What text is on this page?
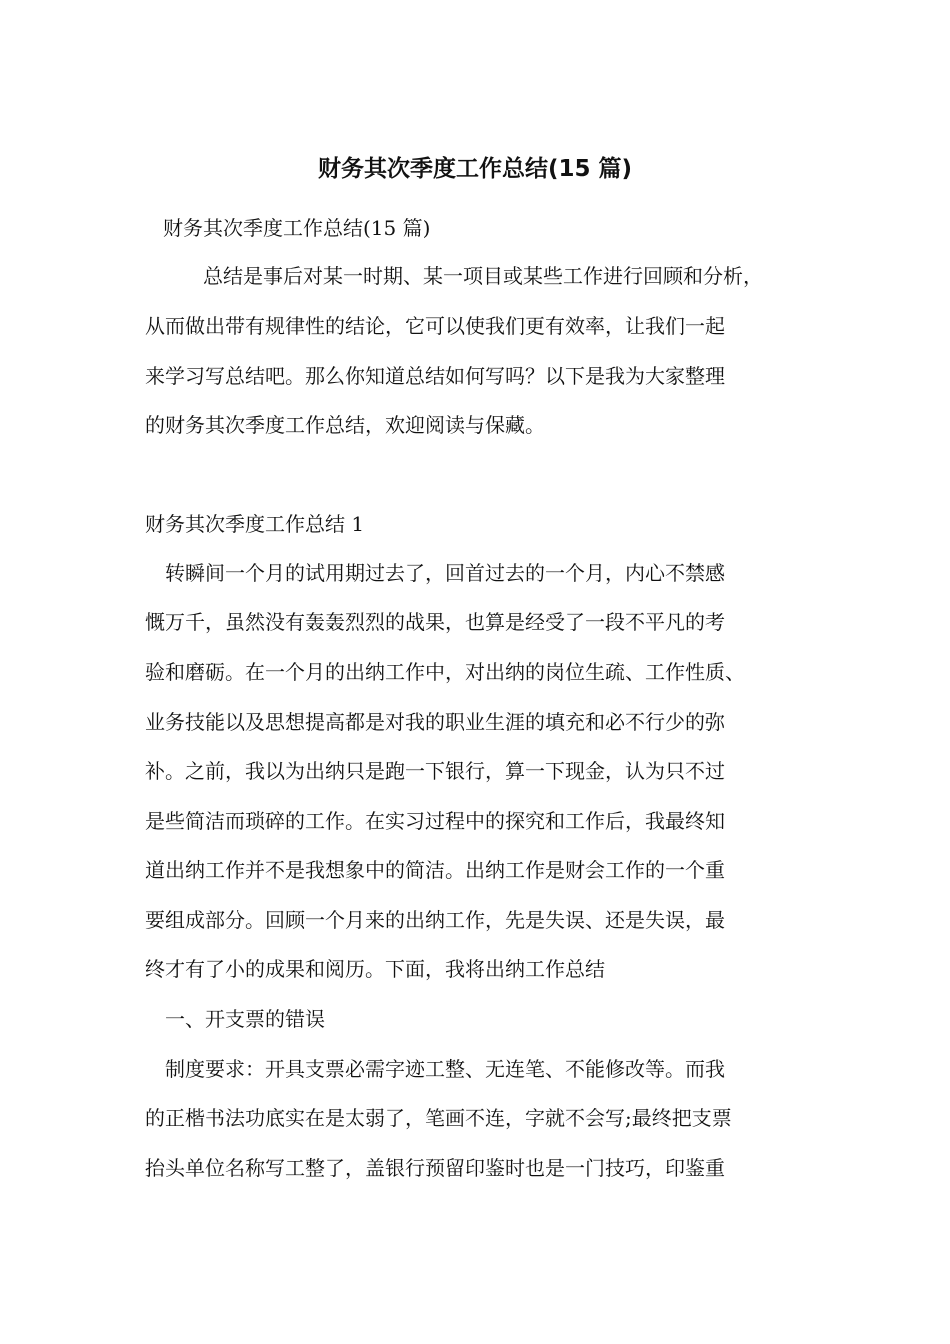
财务其次季度工作总结(15 篇)

财务其次季度工作总结(15 篇)

总结是事后对某一时期、某一项目或某些工作进行回顾和分析，

从而做出带有规律性的结论，它可以使我们更有效率，让我们一起

来学习写总结吧。那么你知道总结如何写吗？以下是我为大家整理

的财务其次季度工作总结，欢迎阅读与保藏。

财务其次季度工作总结 1

转瞬间一个月的试用期过去了，回首过去的一个月，内心不禁感

慨万千，虽然没有轰轰烈烈的战果，也算是经受了一段不平凡的考

验和磨砺。在一个月的出纳工作中，对出纳的岗位生疏、工作性质、

业务技能以及思想提高都是对我的职业生涯的填充和必不行少的弥

补。之前，我以为出纳只是跑一下银行，算一下现金，认为只不过

是些简洁而琐碎的工作。在实习过程中的探究和工作后，我最终知

道出纳工作并不是我想象中的简洁。出纳工作是财会工作的一个重

要组成部分。回顾一个月来的出纳工作，先是失误、还是失误，最

终才有了小的成果和阅历。下面，我将出纳工作总结

一、开支票的错误

制度要求：开具支票必需字迹工整、无连笔、不能修改等。而我

的正楷书法功底实在是太弱了，笔画不连，字就不会写;最终把支票

抬头单位名称写工整了，盖银行预留印鉴时也是一门技巧，印鉴重
